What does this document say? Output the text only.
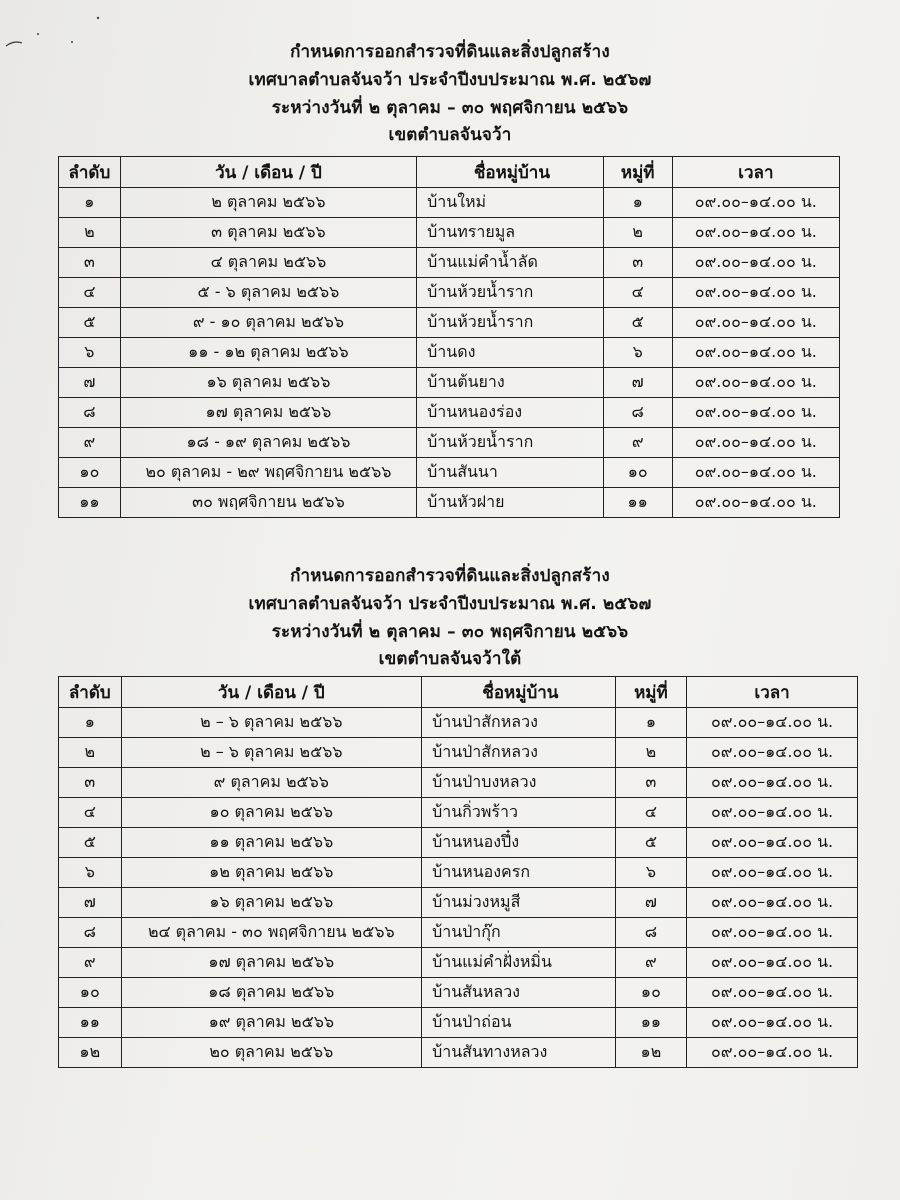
กำหนดการออกสำรวจที่ดินและสิ่งปลูกสร้าง
เทศบาลตำบลจันจว้า ประจำปีงบประมาณ พ.ศ. ๒๕๖๗
ระหว่างวันที่ ๒ ตุลาคม – ๓๐ พฤศจิกายน ๒๕๖๖
เขตตำบลจันจว้า
ลำดับ	วัน / เดือน / ปี	ชื่อหมู่บ้าน	หมู่ที่	เวลา
๑	๒ ตุลาคม ๒๕๖๖	บ้านใหม่	๑	๐๙.๐๐–๑๔.๐๐ น.
๒	๓ ตุลาคม ๒๕๖๖	บ้านทรายมูล	๒	๐๙.๐๐–๑๔.๐๐ น.
๓	๔ ตุลาคม ๒๕๖๖	บ้านแม่คำน้ำลัด	๓	๐๙.๐๐–๑๔.๐๐ น.
๔	๕ - ๖ ตุลาคม ๒๕๖๖	บ้านห้วยน้ำราก	๔	๐๙.๐๐–๑๔.๐๐ น.
๕	๙ - ๑๐ ตุลาคม ๒๕๖๖	บ้านห้วยน้ำราก	๕	๐๙.๐๐–๑๔.๐๐ น.
๖	๑๑ - ๑๒ ตุลาคม ๒๕๖๖	บ้านดง	๖	๐๙.๐๐–๑๔.๐๐ น.
๗	๑๖ ตุลาคม ๒๕๖๖	บ้านต้นยาง	๗	๐๙.๐๐–๑๔.๐๐ น.
๘	๑๗ ตุลาคม ๒๕๖๖	บ้านหนองร่อง	๘	๐๙.๐๐–๑๔.๐๐ น.
๙	๑๘ - ๑๙ ตุลาคม ๒๕๖๖	บ้านห้วยน้ำราก	๙	๐๙.๐๐–๑๔.๐๐ น.
๑๐	๒๐ ตุลาคม - ๒๙ พฤศจิกายน ๒๕๖๖	บ้านสันนา	๑๐	๐๙.๐๐–๑๔.๐๐ น.
๑๑	๓๐ พฤศจิกายน ๒๕๖๖	บ้านหัวฝาย	๑๑	๐๙.๐๐–๑๔.๐๐ น.
กำหนดการออกสำรวจที่ดินและสิ่งปลูกสร้าง
เทศบาลตำบลจันจว้า ประจำปีงบประมาณ พ.ศ. ๒๕๖๗
ระหว่างวันที่ ๒ ตุลาคม – ๓๐ พฤศจิกายน ๒๕๖๖
เขตตำบลจันจว้าใต้
ลำดับ	วัน / เดือน / ปี	ชื่อหมู่บ้าน	หมู่ที่	เวลา
๑	๒ – ๖ ตุลาคม ๒๕๖๖	บ้านป่าสักหลวง	๑	๐๙.๐๐–๑๔.๐๐ น.
๒	๒ – ๖ ตุลาคม ๒๕๖๖	บ้านป่าสักหลวง	๒	๐๙.๐๐–๑๔.๐๐ น.
๓	๙ ตุลาคม ๒๕๖๖	บ้านป่าบงหลวง	๓	๐๙.๐๐–๑๔.๐๐ น.
๔	๑๐ ตุลาคม ๒๕๖๖	บ้านกิ่วพร้าว	๔	๐๙.๐๐–๑๔.๐๐ น.
๕	๑๑ ตุลาคม ๒๕๖๖	บ้านหนองปึ๋ง	๕	๐๙.๐๐–๑๔.๐๐ น.
๖	๑๒ ตุลาคม ๒๕๖๖	บ้านหนองครก	๖	๐๙.๐๐–๑๔.๐๐ น.
๗	๑๖ ตุลาคม ๒๕๖๖	บ้านม่วงหมูสี	๗	๐๙.๐๐–๑๔.๐๐ น.
๘	๒๔ ตุลาคม - ๓๐ พฤศจิกายน ๒๕๖๖	บ้านป่ากุ๊ก	๘	๐๙.๐๐–๑๔.๐๐ น.
๙	๑๗ ตุลาคม ๒๕๖๖	บ้านแม่คำฝั่งหมิ่น	๙	๐๙.๐๐–๑๔.๐๐ น.
๑๐	๑๘ ตุลาคม ๒๕๖๖	บ้านสันหลวง	๑๐	๐๙.๐๐–๑๔.๐๐ น.
๑๑	๑๙ ตุลาคม ๒๕๖๖	บ้านป่าถ่อน	๑๑	๐๙.๐๐–๑๔.๐๐ น.
๑๒	๒๐ ตุลาคม ๒๕๖๖	บ้านสันทางหลวง	๑๒	๐๙.๐๐–๑๔.๐๐ น.
